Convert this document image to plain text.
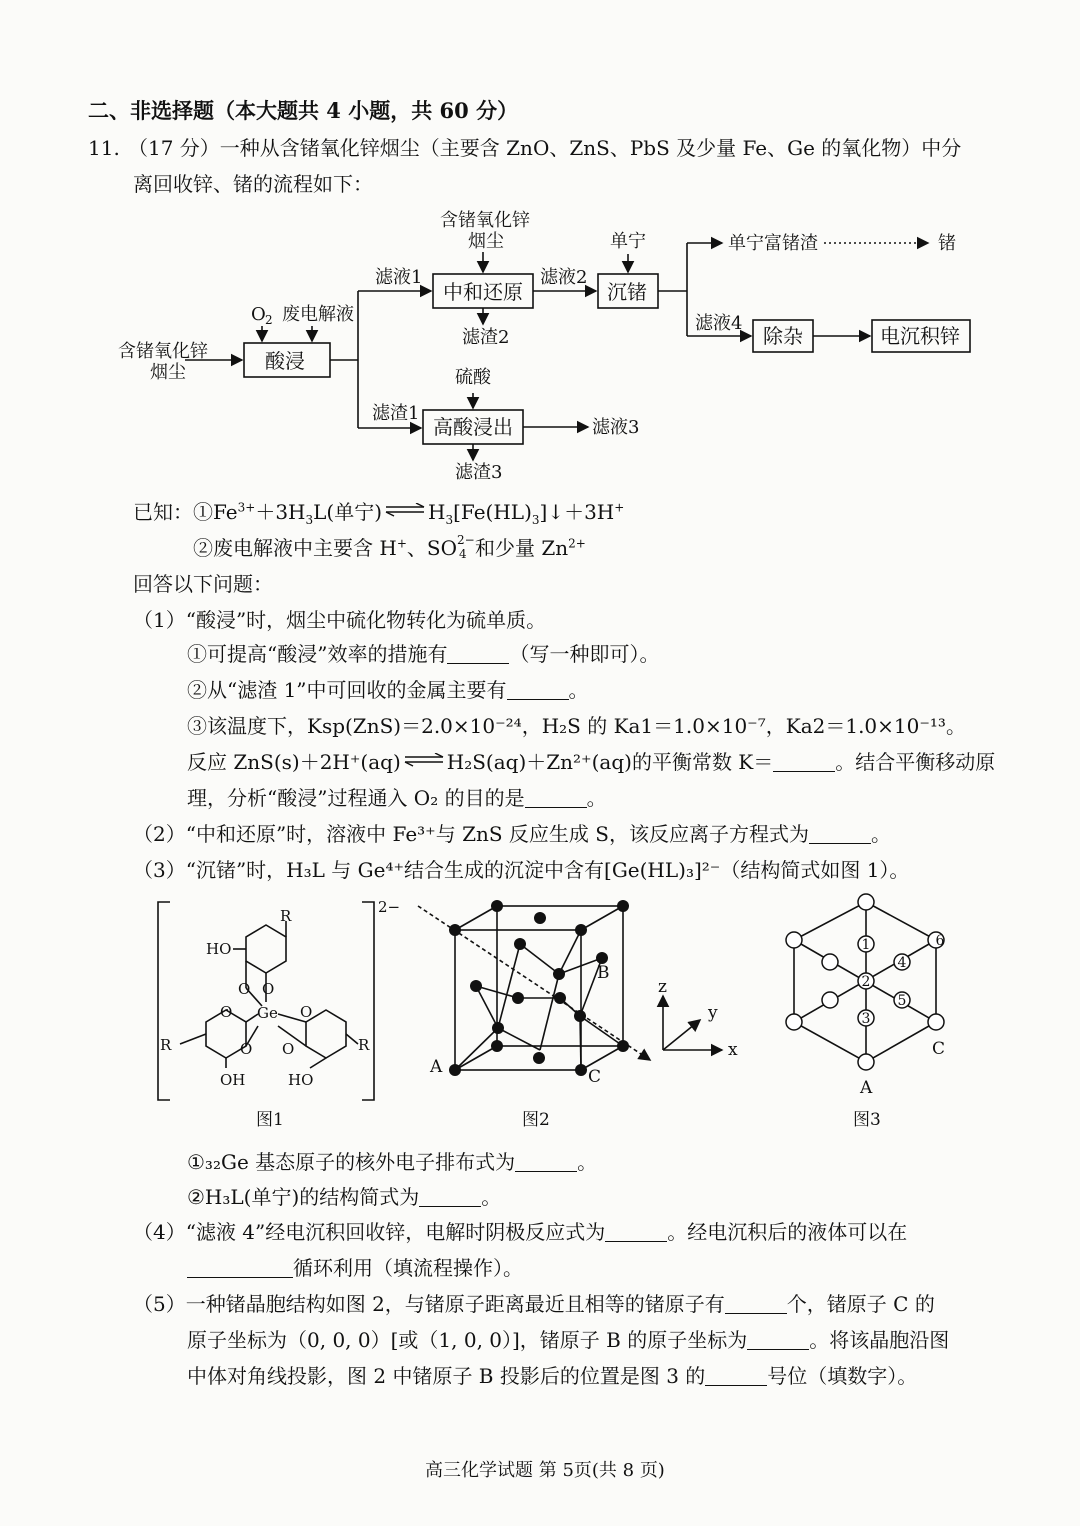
二、非选择题（本大题共 4 小题，共 60 分）
11. （17 分）一种从含锗氧化锌烟尘（主要含 ZnO、ZnS、PbS 及少量 Fe、Ge 的氧化物）中分
离回收锌、锗的流程如下：
含锗氧化锌
烟尘
O 2 废电解液
酸浸
滤液1
滤渣1
含锗氧化锌
烟尘
中和还原
滤渣2
滤液2
单宁
沉锗
单宁富锗渣	锗
滤液4
除杂	电沉积锌
硫酸
高酸浸出	滤液3
滤渣3
已知：$①Fe^{3+}+3H_3L$(单宁) ⇌ $H_3[Fe(HL)_3]↓+3H^+$
②废电解液中主要含 H+、SO 2−
4 和少量 $Zn^{2+}$
回答以下问题：
（1）“酸浸”时，烟尘中硫化物转化为硫单质。
①可提高“酸浸”效率的措施有	（写一种即可）。
②从“滤渣 1”中可回收的金属主要有	。
③该温度下，Ksp(ZnS)＝2.0×10⁻²⁴，H₂S 的 Ka1＝1.0×10⁻⁷，Ka2＝1.0×10⁻¹³。
反应 ZnS(s)＋2H⁺(aq) ⇌ H₂S(aq)＋Zn²⁺(aq)的平衡常数 K＝	。结合平衡移动原
理，分析“酸浸”过程通入 O₂ 的目的是	。
（2）“中和还原”时，溶液中 Fe³⁺与 ZnS 反应生成 S，该反应离子方程式为	。
（3）“沉锗”时，H₃L 与 Ge⁴⁺结合生成的沉淀中含有[Ge(HL)₃]²⁻（结构简式如图 1）。
2−
R
HO
O O
Ge
O	O
O O
R	R
OH	HO
图1
A
B
C
z
y
x
图2
1
2
3
4
5
6
A
C
图3
①₃₂Ge 基态原子的核外电子排布式为	。
②H₃L(单宁)的结构简式为	。
（4）“滤液 4”经电沉积回收锌，电解时阴极反应式为	。经电沉积后的液体可以在
循环利用（填流程操作）。
（5）一种锗晶胞结构如图 2，与锗原子距离最近且相等的锗原子有	个，锗原子 C 的
原子坐标为（0, 0, 0）[或（1, 0, 0）]，锗原子 B 的原子坐标为	。将该晶胞沿图
中体对角线投影，图 2 中锗原子 B 投影后的位置是图 3 的	号位（填数字）。
高三化学试题 第 5页(共 8 页)
